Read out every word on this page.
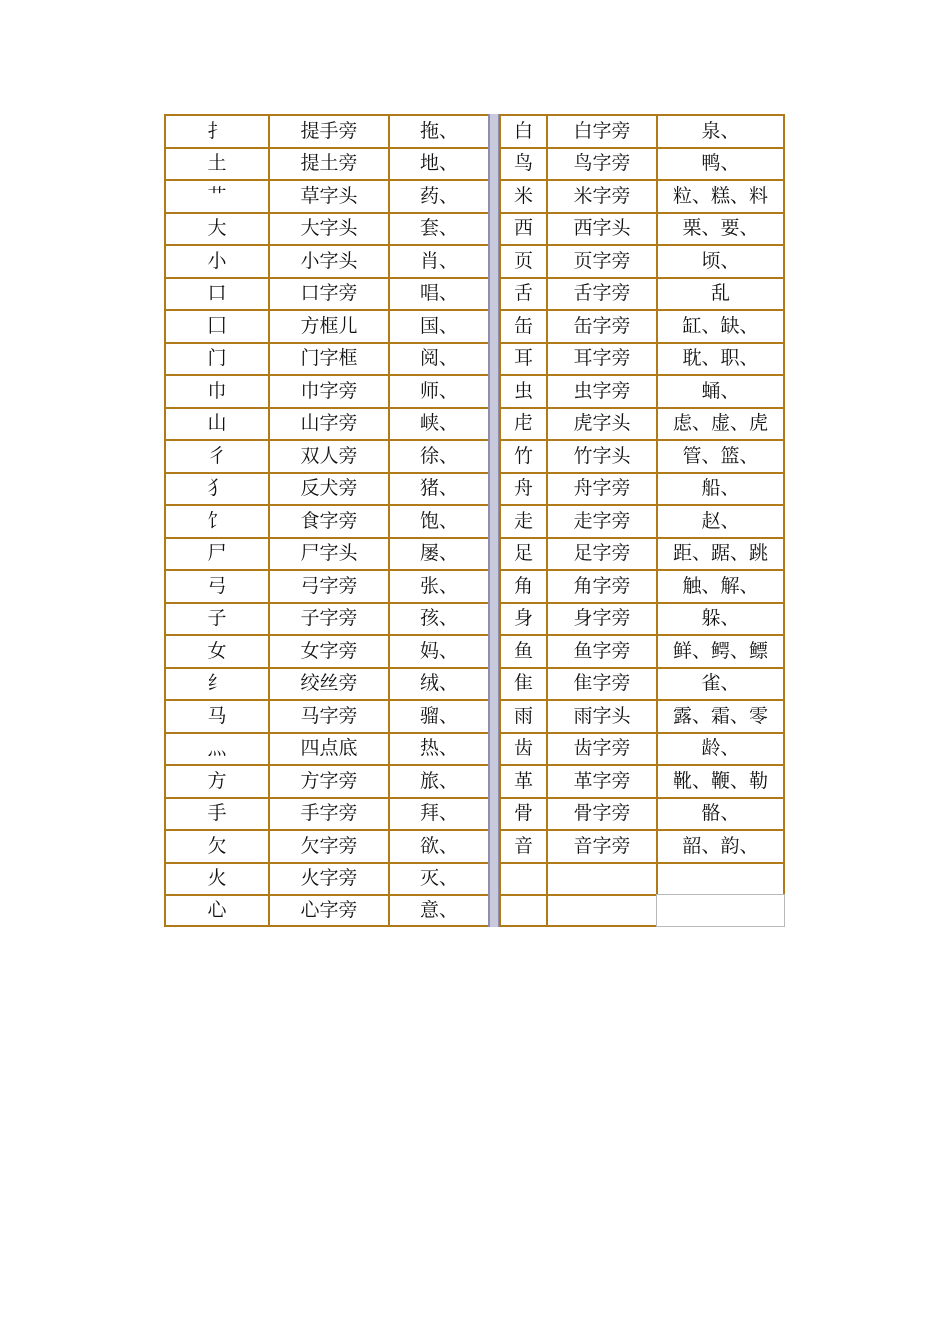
扌	提手旁	拖、		白	白字旁	泉、
土	提土旁	地、		鸟	鸟字旁	鸭、
艹	草字头	药、		米	米字旁	粒、糕、料
大	大字头	套、		西	西字头	栗、要、
小	小字头	肖、		页	页字旁	顷、
口	口字旁	唱、		舌	舌字旁	乱
囗	方框儿	国、		缶	缶字旁	缸、缺、
门	门字框	阅、		耳	耳字旁	耽、职、
巾	巾字旁	师、		虫	虫字旁	蛹、
山	山字旁	峡、		虍	虎字头	虑、虚、虎
彳	双人旁	徐、		竹	竹字头	管、篮、
犭	反犬旁	猪、		舟	舟字旁	船、
饣	食字旁	饱、		走	走字旁	赵、
尸	尸字头	屡、		足	足字旁	距、踞、跳
弓	弓字旁	张、		角	角字旁	触、解、
子	子字旁	孩、		身	身字旁	躲、
女	女字旁	妈、		鱼	鱼字旁	鲜、鳄、鳔
纟	绞丝旁	绒、		隹	隹字旁	雀、
马	马字旁	骝、		雨	雨字头	露、霜、零
灬	四点底	热、		齿	齿字旁	龄、
方	方字旁	旅、		革	革字旁	靴、鞭、勒
手	手字旁	拜、		骨	骨字旁	骼、
欠	欠字旁	欲、		音	音字旁	韶、韵、
火	火字旁	灭、				
心	心字旁	意、				
